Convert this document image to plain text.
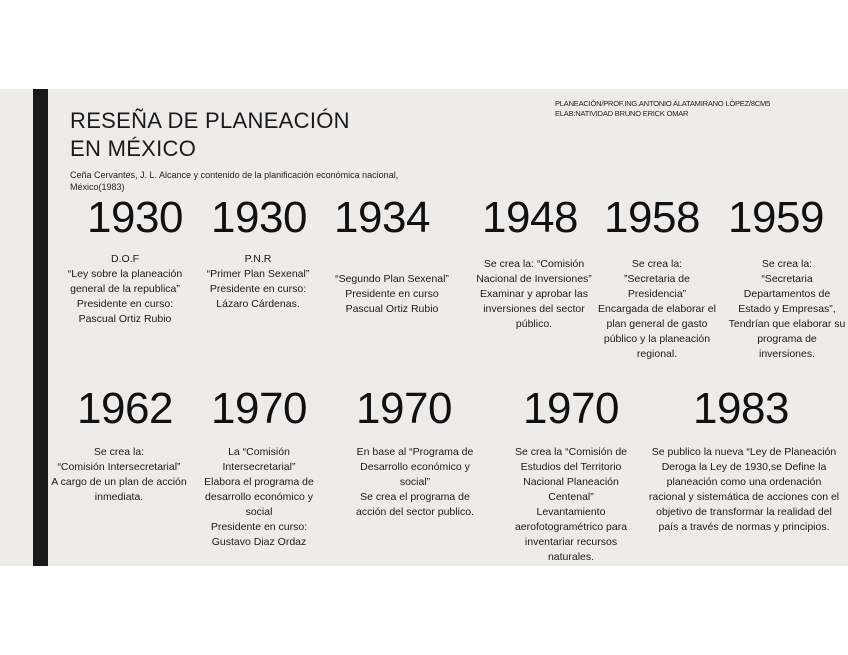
RESEÑA DE PLANEACIÓN
EN MÉXICO
Ceña Cervantes, J. L. Alcance y contenido de la planificación económica nacional, México(1983)
PLANEACIÓN/PROF.ING.ANTONIO ALATAMIRANO LÓPEZ/8CM5
ELAB:NATIVIDAD BRUNO ERICK OMAR
1930
D.O.F
“Ley sobre la planeación general de la republica”
Presidente en curso:
Pascual Ortiz Rubio
1930
P.N.R
“Primer Plan Sexenal”
Presidente en curso:
Lázaro Cárdenas.
1934
“Segundo Plan Sexenal”
Presidente en curso
Pascual Ortiz Rubio
1948
Se crea la: “Comisión Nacional de Inversiones”
Examinar y aprobar las inversiones del sector público.
1958
Se crea la:
”Secretaria de Presidencia”
Encargada de elaborar el plan general de gasto público y la planeación regional.
1959
Se crea la:
“Secretaria Departamentos de Estado y Empresas”,
Tendrían que elaborar su programa de inversiones.
1962
Se crea la:
“Comisión Intersecretarial”
A cargo de un plan de acción inmediata.
1970
La “Comisión Intersecretarial”
Elabora el programa de desarrollo económico y social
Presidente en curso:
Gustavo Diaz Ordaz
1970
En base al “Programa de Desarrollo económico y social”
Se crea el programa de acción del sector publico.
1970
Se crea la “Comisión de Estudios del Territorio Nacional Planeación Centenal”
Levantamiento aerofotogramétrico para inventariar recursos naturales.
1983
Se publico la nueva “Ley de Planeación Deroga la Ley de 1930,se Define la planeación como una ordenación racional y sistemática de acciones con el objetivo de transformar la realidad del país a través de normas y principios.
